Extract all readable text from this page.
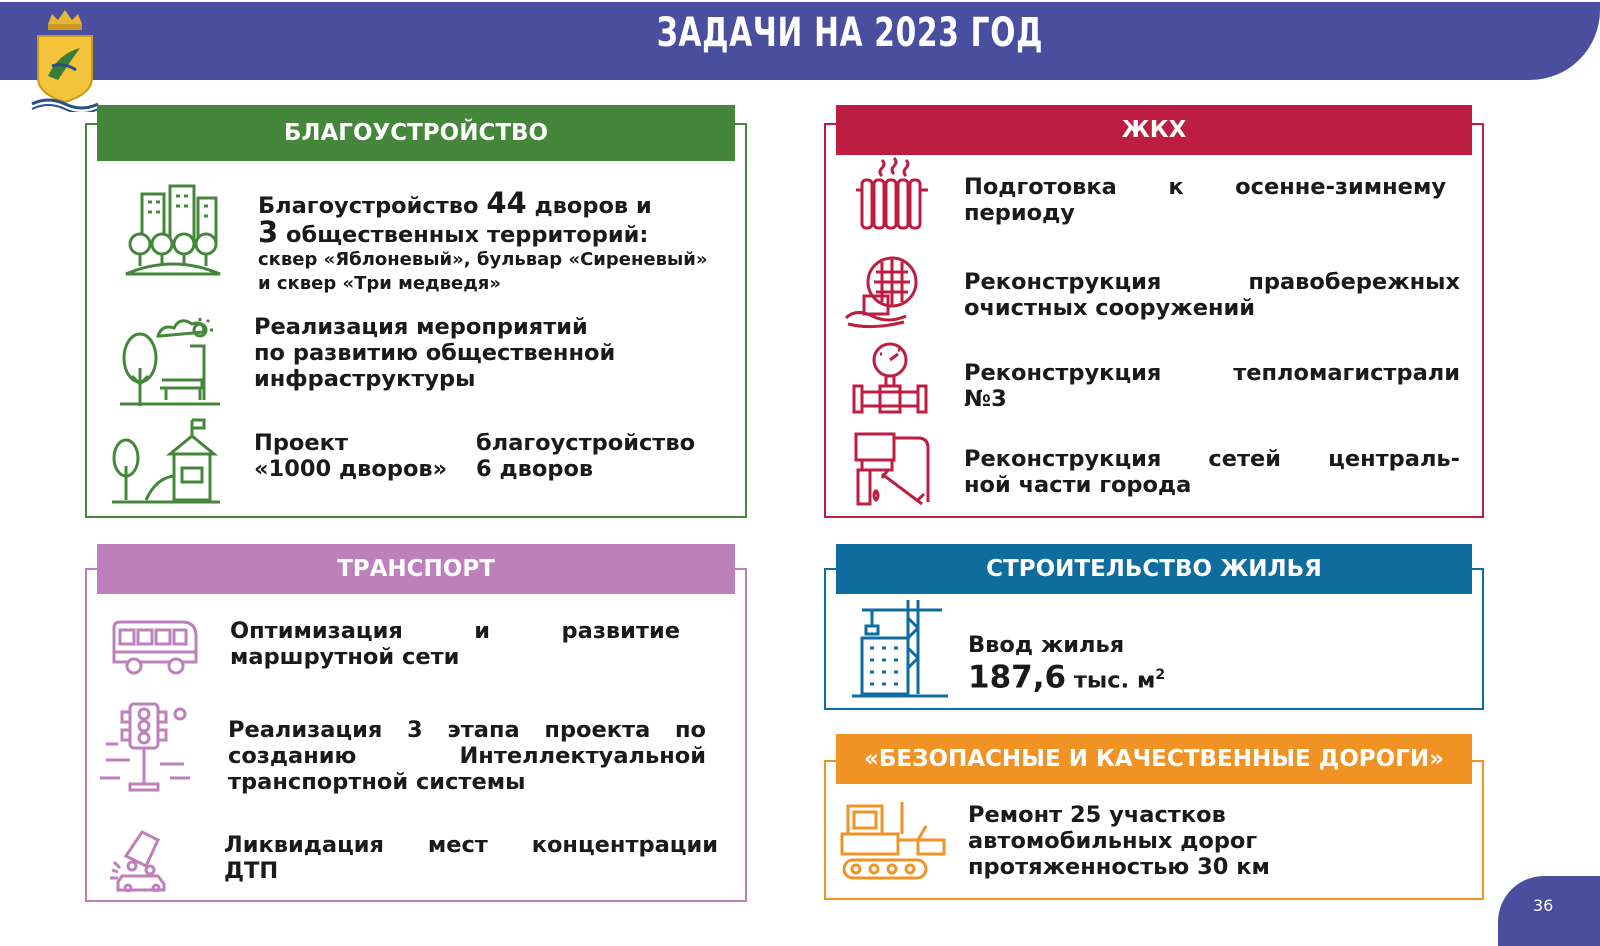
ЗАДАЧИ НА 2023 ГОД
БЛАГОУСТРОЙСТВО
Благоустройство 44 дворов и
3 общественных территорий:
сквер «Яблоневый», бульвар «Сиреневый»
и сквер «Три медведя»
Реализация мероприятий
по развитию общественной
инфраструктуры
Проект	благоустройство
«1000 дворов» 6 дворов
ЖКХ
Подготовка к осенне-зимнему
периоду
Реконструкция правобережных
очистных сооружений
Реконструкция тепломагистрали
№3
Реконструкция сетей централь-
ной части города
ТРАНСПОРТ
Оптимизация и развитие
маршрутной сети
Реализация 3 этапа проекта по
созданию Интеллектуальной
транспортной системы
Ликвидация мест концентрации
ДТП
СТРОИТЕЛЬСТВО ЖИЛЬЯ
Ввод жилья
187,6 тыс. $м^2$
«БЕЗОПАСНЫЕ И КАЧЕСТВЕННЫЕ ДОРОГИ»
Ремонт 25 участков
автомобильных дорог
протяженностью 30 км
36
